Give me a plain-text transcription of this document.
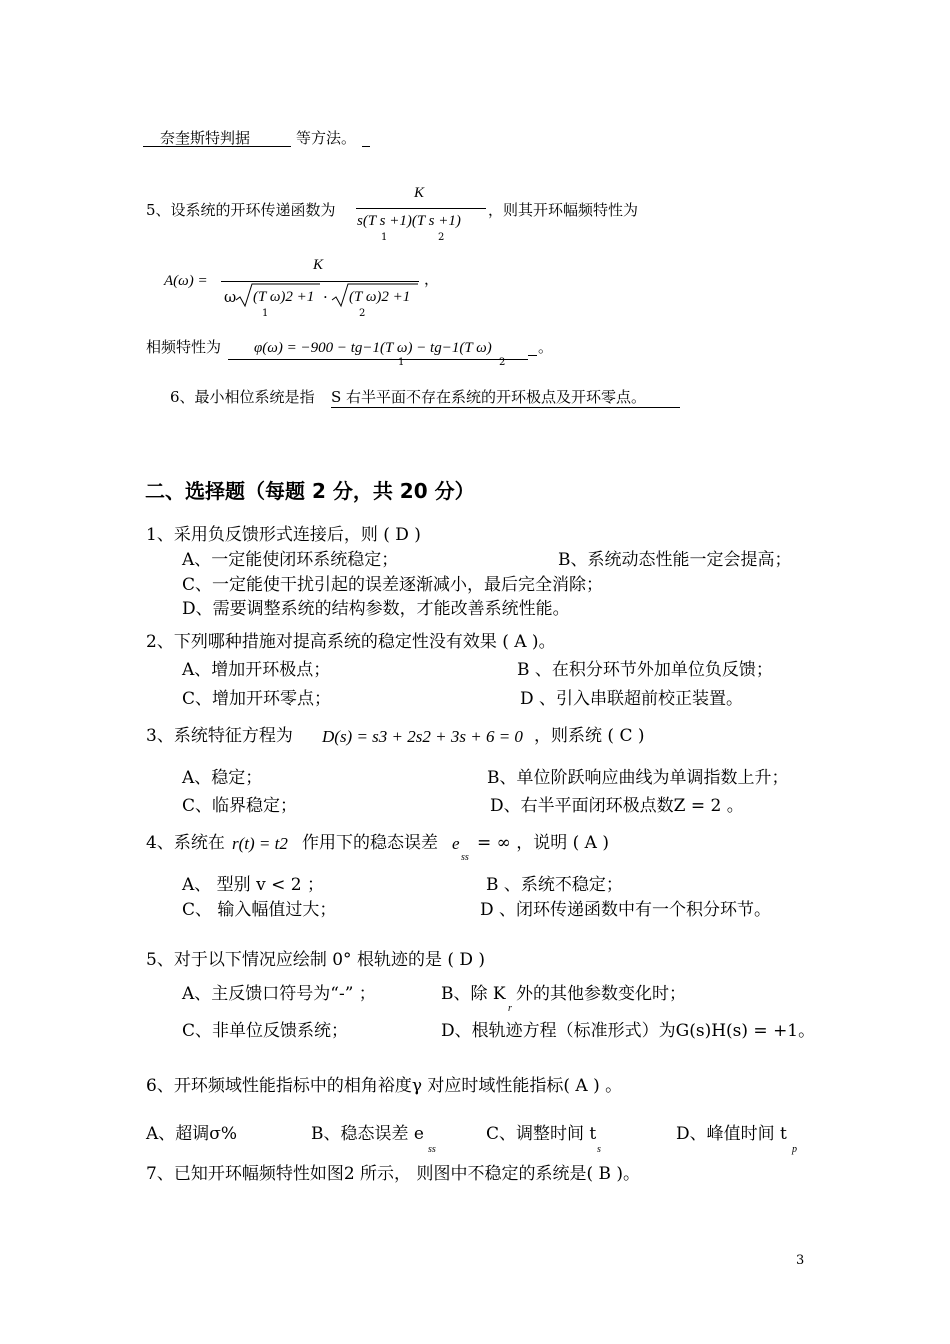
奈奎斯特判据	等方法。
5、设系统的开环传递函数为
K
s(T s +1)(T s +1)
1	2
，则其开环幅频特性为
A(ω) =
K
ω (T ω)2 +1 · (T ω)2 +1
1	2
，
相频特性为	φ(ω) = −900 − tg−1(T ω) − tg−1(T ω)
1	2
。
6、最小相位系统是指 S 右半平面不存在系统的开环极点及开环零点。
二、选择题（每题 2 分，共 20 分）
1、采用负反馈形式连接后，则 ( D )
A、一定能使闭环系统稳定；	B、系统动态性能一定会提高；
C、一定能使干扰引起的误差逐渐减小，最后完全消除；
D、需要调整系统的结构参数，才能改善系统性能。
2、下列哪种措施对提高系统的稳定性没有效果 ( A )。
A、增加开环极点；	B 、在积分环节外加单位负反馈；
C、增加开环零点；	D 、引入串联超前校正装置。
3、系统特征方程为 D(s) = s3 + 2s2 + 3s + 6 = 0 ，则系统 ( C )
A、稳定；	B、单位阶跃响应曲线为单调指数上升；
C、临界稳定；	D、右半平面闭环极点数Z = 2 。
4、系统在 r(t) = t2 作用下的稳态误差 e
ss
= ∞ ，说明 ( A )
A、 型别 v < 2 ；	B 、系统不稳定；
C、 输入幅值过大；	D 、闭环传递函数中有一个积分环节。
5、对于以下情况应绘制 0° 根轨迹的是 ( D )
A、主反馈口符号为“-” ；	B、除 K
r
外的其他参数变化时；
C、非单位反馈系统；	D、根轨迹方程（标准形式）为G(s)H(s) = +1。
6、开环频域性能指标中的相角裕度γ 对应时域性能指标( A ) 。
A、超调σ%	B、稳态误差 e
ss
C、调整时间 t
s
D、峰值时间 t
p
7、已知开环幅频特性如图2 所示， 则图中不稳定的系统是( B )。
3
